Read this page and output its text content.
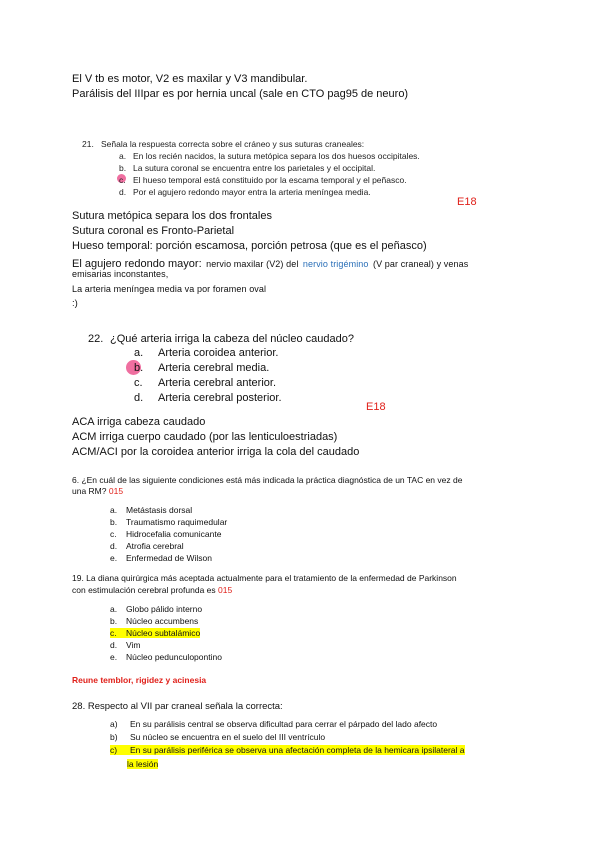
El V tb es motor, V2 es maxilar y V3 mandibular.
Parálisis del IIIpar es por hernia uncal (sale en CTO pag95 de neuro)
21. Señala la respuesta correcta sobre el cráneo y sus suturas craneales:
a. En los recién nacidos, la sutura metópica separa los dos huesos occipitales.
b. La sutura coronal se encuentra entre los parietales y el occipital.
c. El hueso temporal está constituido por la escama temporal y el peñasco.
d. Por el agujero redondo mayor entra la arteria meníngea media.
E18
Sutura metópica separa los dos frontales
Sutura coronal es Fronto-Parietal
Hueso temporal: porción escamosa, porción petrosa (que es el peñasco)
El agujero redondo mayor: nervio maxilar (V2) del nervio trigémino (V par craneal) y venas
emisarias inconstantes,
La arteria meníngea media va por foramen oval
:)
22. ¿Qué arteria irriga la cabeza del núcleo caudado?
a. Arteria coroidea anterior.
b. Arteria cerebral media.
c. Arteria cerebral anterior.
d. Arteria cerebral posterior.
E18
ACA irriga cabeza caudado
ACM irriga cuerpo caudado (por las lenticuloestriadas)
ACM/ACI por la coroidea anterior irriga la cola del caudado
6. ¿En cuál de las siguiente condiciones está más indicada la práctica diagnóstica de un TAC en vez de
una RM? 015
a. Metástasis dorsal
b. Traumatismo raquimedular
c. Hidrocefalia comunicante
d. Atrofia cerebral
e. Enfermedad de Wilson
19. La diana quirúrgica más aceptada actualmente para el tratamiento de la enfermedad de Parkinson
con estimulación cerebral profunda es 015
a. Globo pálido interno
b. Núcleo accumbens
c. Núcleo subtalámico
d. Vim
e. Núcleo pedunculopontino
Reune temblor, rigidez y acinesia
28. Respecto al VII par craneal señala la correcta:
a) En su parálisis central se observa dificultad para cerrar el párpado del lado afecto
b) Su núcleo se encuentra en el suelo del III ventrículo
c) En su parálisis periférica se observa una afectación completa de la hemicara ipsilateral a
la lesión
